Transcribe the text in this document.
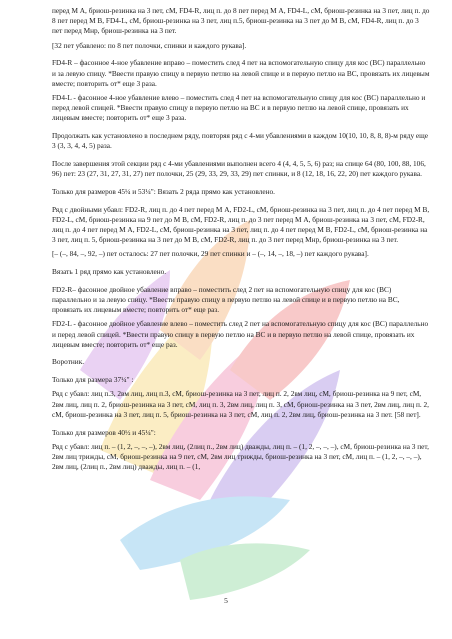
перед М А, бриош-резинка на 3 пет, сМ, FD4-R, лиц п. до 8 пет перед М А, FD4-L, сМ, бриош-резинка на 3 пет, лиц п. до 8 пет перед М В, FD4-L, сМ, бриош-резинка на 3 пет, лиц п.5, бриош-резинка на 3 пет до М В, сМ, FD4-R, лиц п. до 3 пет перед Мнр, бриош-резинка на 3 пет.

[32 пет убавлено: по 8 пет полочки, спинки и каждого рукава].

FD4-R – фасонное 4-ное убавление вправо – поместить след 4 пет на вспомогательную спицу для кос (ВС) параллельно и за левую спицу. *Ввести правую спицу в первую петлю на левой спице и в первую петлю на ВС, провязать их лицевым вместе; повторить от* еще 3 раза.

FD4-L - фасонное 4-ное убавление влево – поместить след 4 пет на вспомогательную спицу для кос (ВС) параллельно и перед левой спицей. *Ввести правую спицу в первую петлю на ВС и в первую петлю на левой спице, провязать их лицевым вместе; повторить от* еще 3 раза.

Продолжать как установлено в последнем ряду, повторяя ряд с 4-ми убавлениями в каждом 10(10, 10, 8, 8, 8)-м ряду еще 3 (3, 3, 4, 4, 5) раза.

После завершения этой секции ряд с 4-ми убавлениями выполнен всего 4 (4, 4, 5, 5, 6) раз; на спице 64 (80, 100, 88, 106, 96) пет: 23 (27, 31, 27, 31, 27) пет полочки, 25 (29, 33, 29, 33, 29) пет спинки, и 8 (12, 18, 16, 22, 20) пет каждого рукава.

Только для размеров 45¼ и 53¼": Вязать 2 ряда прямо как установлено.

Ряд с двойными убавл: FD2-R, лиц п. до 4 пет перед М А, FD2-L, сМ, бриош-резинка на 3 пет, лиц п. до 4 пет перед М В, FD2-L, сМ, бриош-резинка на 9 пет до М В, сМ, FD2-R, лиц п. до 3 пет перед М А, бриош-резинка на 3 пет, сМ, FD2-R, лиц п. до 4 пет перед М А, FD2-L, сМ, бриош-резинка на 3 пет, лиц п. до 4 пет перед М В, FD2-L, сМ, бриош-резинка на 3 пет, лиц п. 5, бриош-резинка на 3 пет до М В, сМ, FD2-R, лиц п. до 3 пет перед Мнр, бриош-резинка на 3 пет.

[– (–, 84, –, 92, –) пет осталось: 27 пет полочки, 29 пет спинки и – (–, 14, –, 18, –) пет каждого рукава].

Вязать 1 ряд прямо как установлено.

FD2-R– фасонное двойное убавление вправо – поместить след 2 пет на вспомогательную спицу для кос (ВС) параллельно и за левую спицу. *Ввести правую спицу в первую петлю на левой спице и в первую петлю на ВС, провязать их лицевым вместе; повторить от* еще раз.

FD2-L - фасонное двойное убавление влево – поместить след 2 пет на вспомогательную спицу для кос (ВС) параллельно и перед левой спицей. *Ввести правую спицу в первую петлю на ВС и в первую петлю на левой спице, провязать их лицевым вместе; повторить от* еще раз.

Воротник.

Только для размера 37¼" :

Ряд с убавл: лиц п.3, 2вм лиц, лиц п.3, сМ, бриош-резинка на 3 пет, лиц п. 2, 2вм лиц, сМ, бриош-резинка на 9 пет, сМ, 2вм лиц, лиц п. 2, бриош-резинка на 3 пет, сМ, лиц п. 3, 2вм лиц, лиц п. 3, сМ, бриош-резинка на 3 пет, 2вм лиц, лиц п. 2, сМ, бриош-резинка на 3 пет, лиц п. 5, бриош-резинка на 3 пет, сМ, лиц п. 2, 2вм лиц, бриош-резинка на 3 пет. [58 пет].

Только для размеров 40½ и 45¼":

Ряд с убавл: лиц п. – (1, 2, –, –, –), 2вм лиц, (2лиц п., 2вм лиц) дважды, лиц п. – (1, 2, –, –, –), сМ, бриош-резинка на 3 пет, 2вм лиц трижды, сМ, бриош-резинка на 9 пет, сМ, 2вм лиц трижды, бриош-резинка на 3 пет, сМ, лиц п. – (1, 2, –, –, –), 2вм лиц, (2лиц п., 2вм лиц) дважды, лиц п. – (1,

5
